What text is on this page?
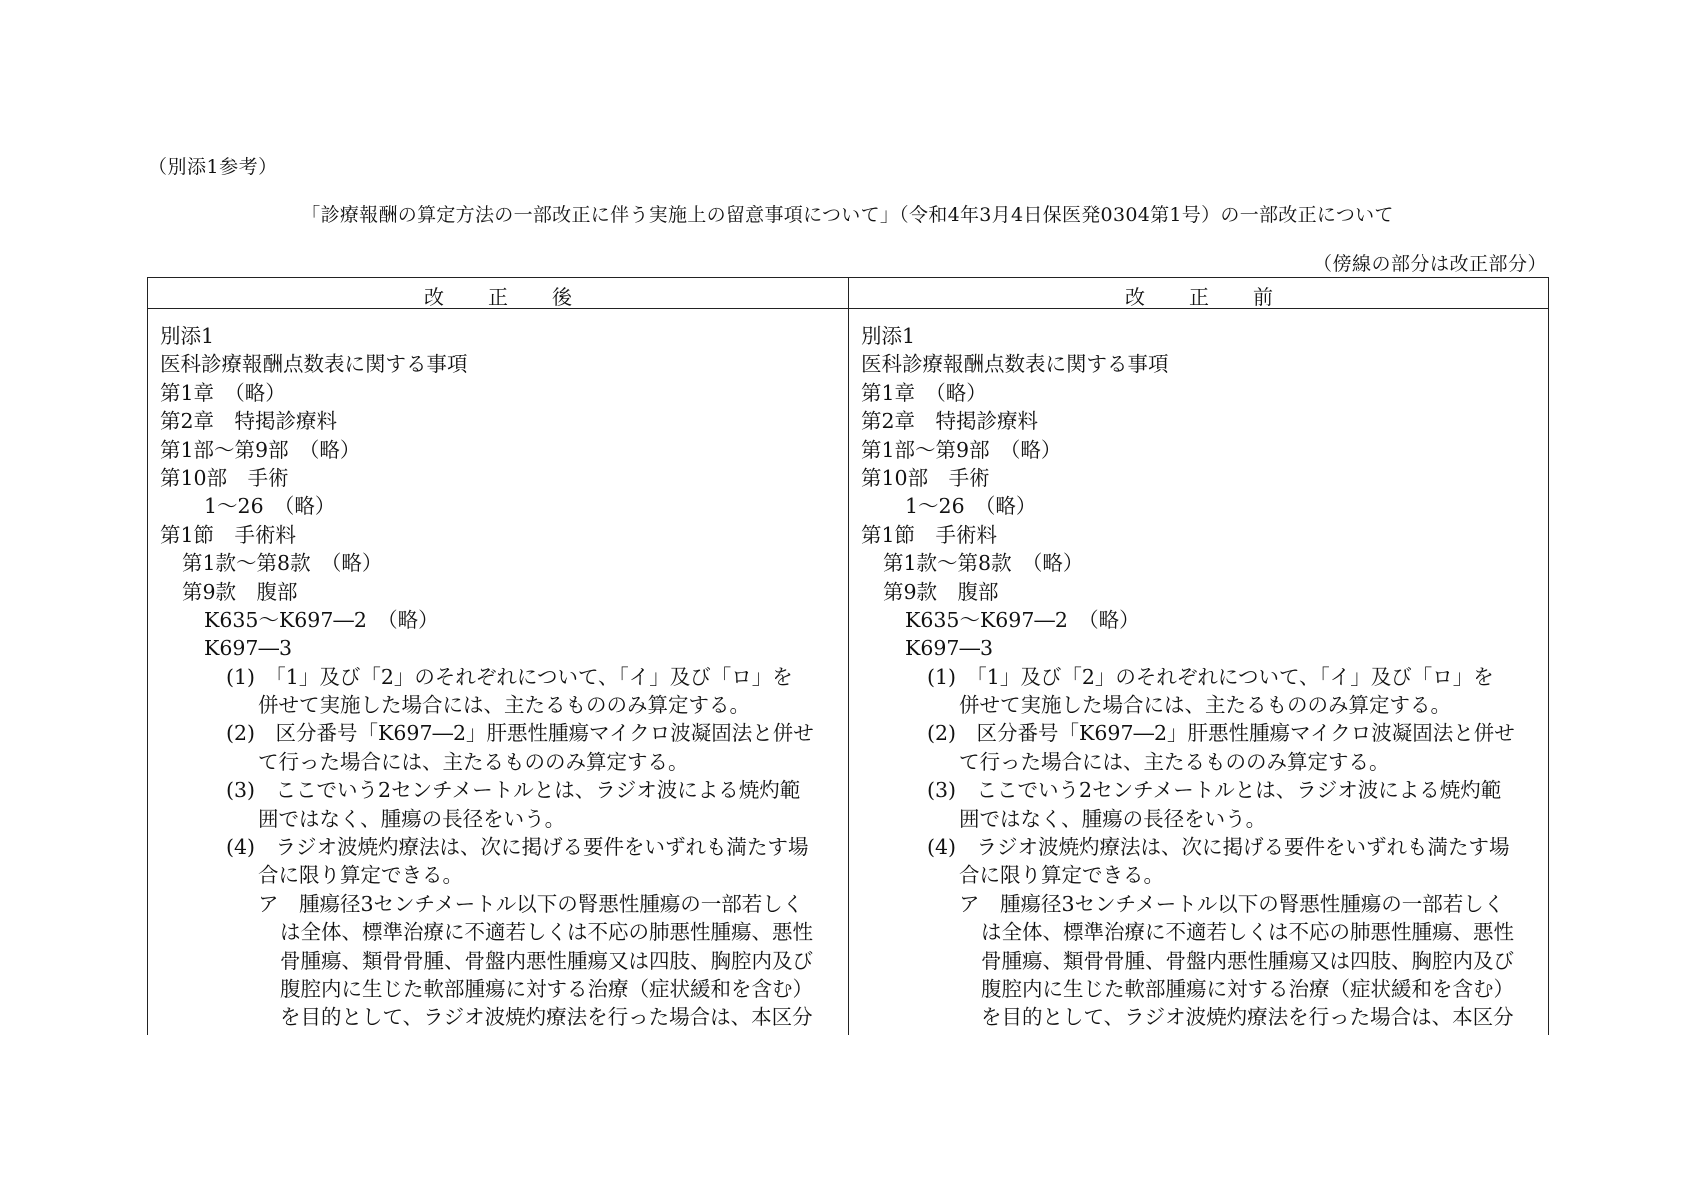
（別添1参考）
「診療報酬の算定方法の一部改正に伴う実施上の留意事項について」（令和4年3月4日保医発0304第1号）の一部改正について
（傍線の部分は改正部分）
改正後	改正前
別添1
医科診療報酬点数表に関する事項
第1章　（略）
第2章　特掲診療料
第1部～第9部　（略）
第10部　手術
1～26　（略）
第1節　手術料
第1款～第8款　（略）
第9款　腹部
K635～K697―2　（略）
K697―3
(1)　「1」及び「2」のそれぞれについて、「イ」及び「ロ」を
併せて実施した場合には、主たるもののみ算定する。
(2)　区分番号「K697―2」肝悪性腫瘍マイクロ波凝固法と併せ
て行った場合には、主たるもののみ算定する。
(3)　ここでいう2センチメートルとは、ラジオ波による焼灼範
囲ではなく、腫瘍の長径をいう。
(4)　ラジオ波焼灼療法は、次に掲げる要件をいずれも満たす場
合に限り算定できる。
ア　腫瘍径3センチメートル以下の腎悪性腫瘍の一部若しく
は全体、標準治療に不適若しくは不応の肺悪性腫瘍、悪性
骨腫瘍、類骨骨腫、骨盤内悪性腫瘍又は四肢、胸腔内及び
腹腔内に生じた軟部腫瘍に対する治療（症状緩和を含む）
を目的として、ラジオ波焼灼療法を行った場合は、本区分
別添1
医科診療報酬点数表に関する事項
第1章　（略）
第2章　特掲診療料
第1部～第9部　（略）
第10部　手術
1～26　（略）
第1節　手術料
第1款～第8款　（略）
第9款　腹部
K635～K697―2　（略）
K697―3
(1)　「1」及び「2」のそれぞれについて、「イ」及び「ロ」を
併せて実施した場合には、主たるもののみ算定する。
(2)　区分番号「K697―2」肝悪性腫瘍マイクロ波凝固法と併せ
て行った場合には、主たるもののみ算定する。
(3)　ここでいう2センチメートルとは、ラジオ波による焼灼範
囲ではなく、腫瘍の長径をいう。
(4)　ラジオ波焼灼療法は、次に掲げる要件をいずれも満たす場
合に限り算定できる。
ア　腫瘍径3センチメートル以下の腎悪性腫瘍の一部若しく
は全体、標準治療に不適若しくは不応の肺悪性腫瘍、悪性
骨腫瘍、類骨骨腫、骨盤内悪性腫瘍又は四肢、胸腔内及び
腹腔内に生じた軟部腫瘍に対する治療（症状緩和を含む）
を目的として、ラジオ波焼灼療法を行った場合は、本区分
